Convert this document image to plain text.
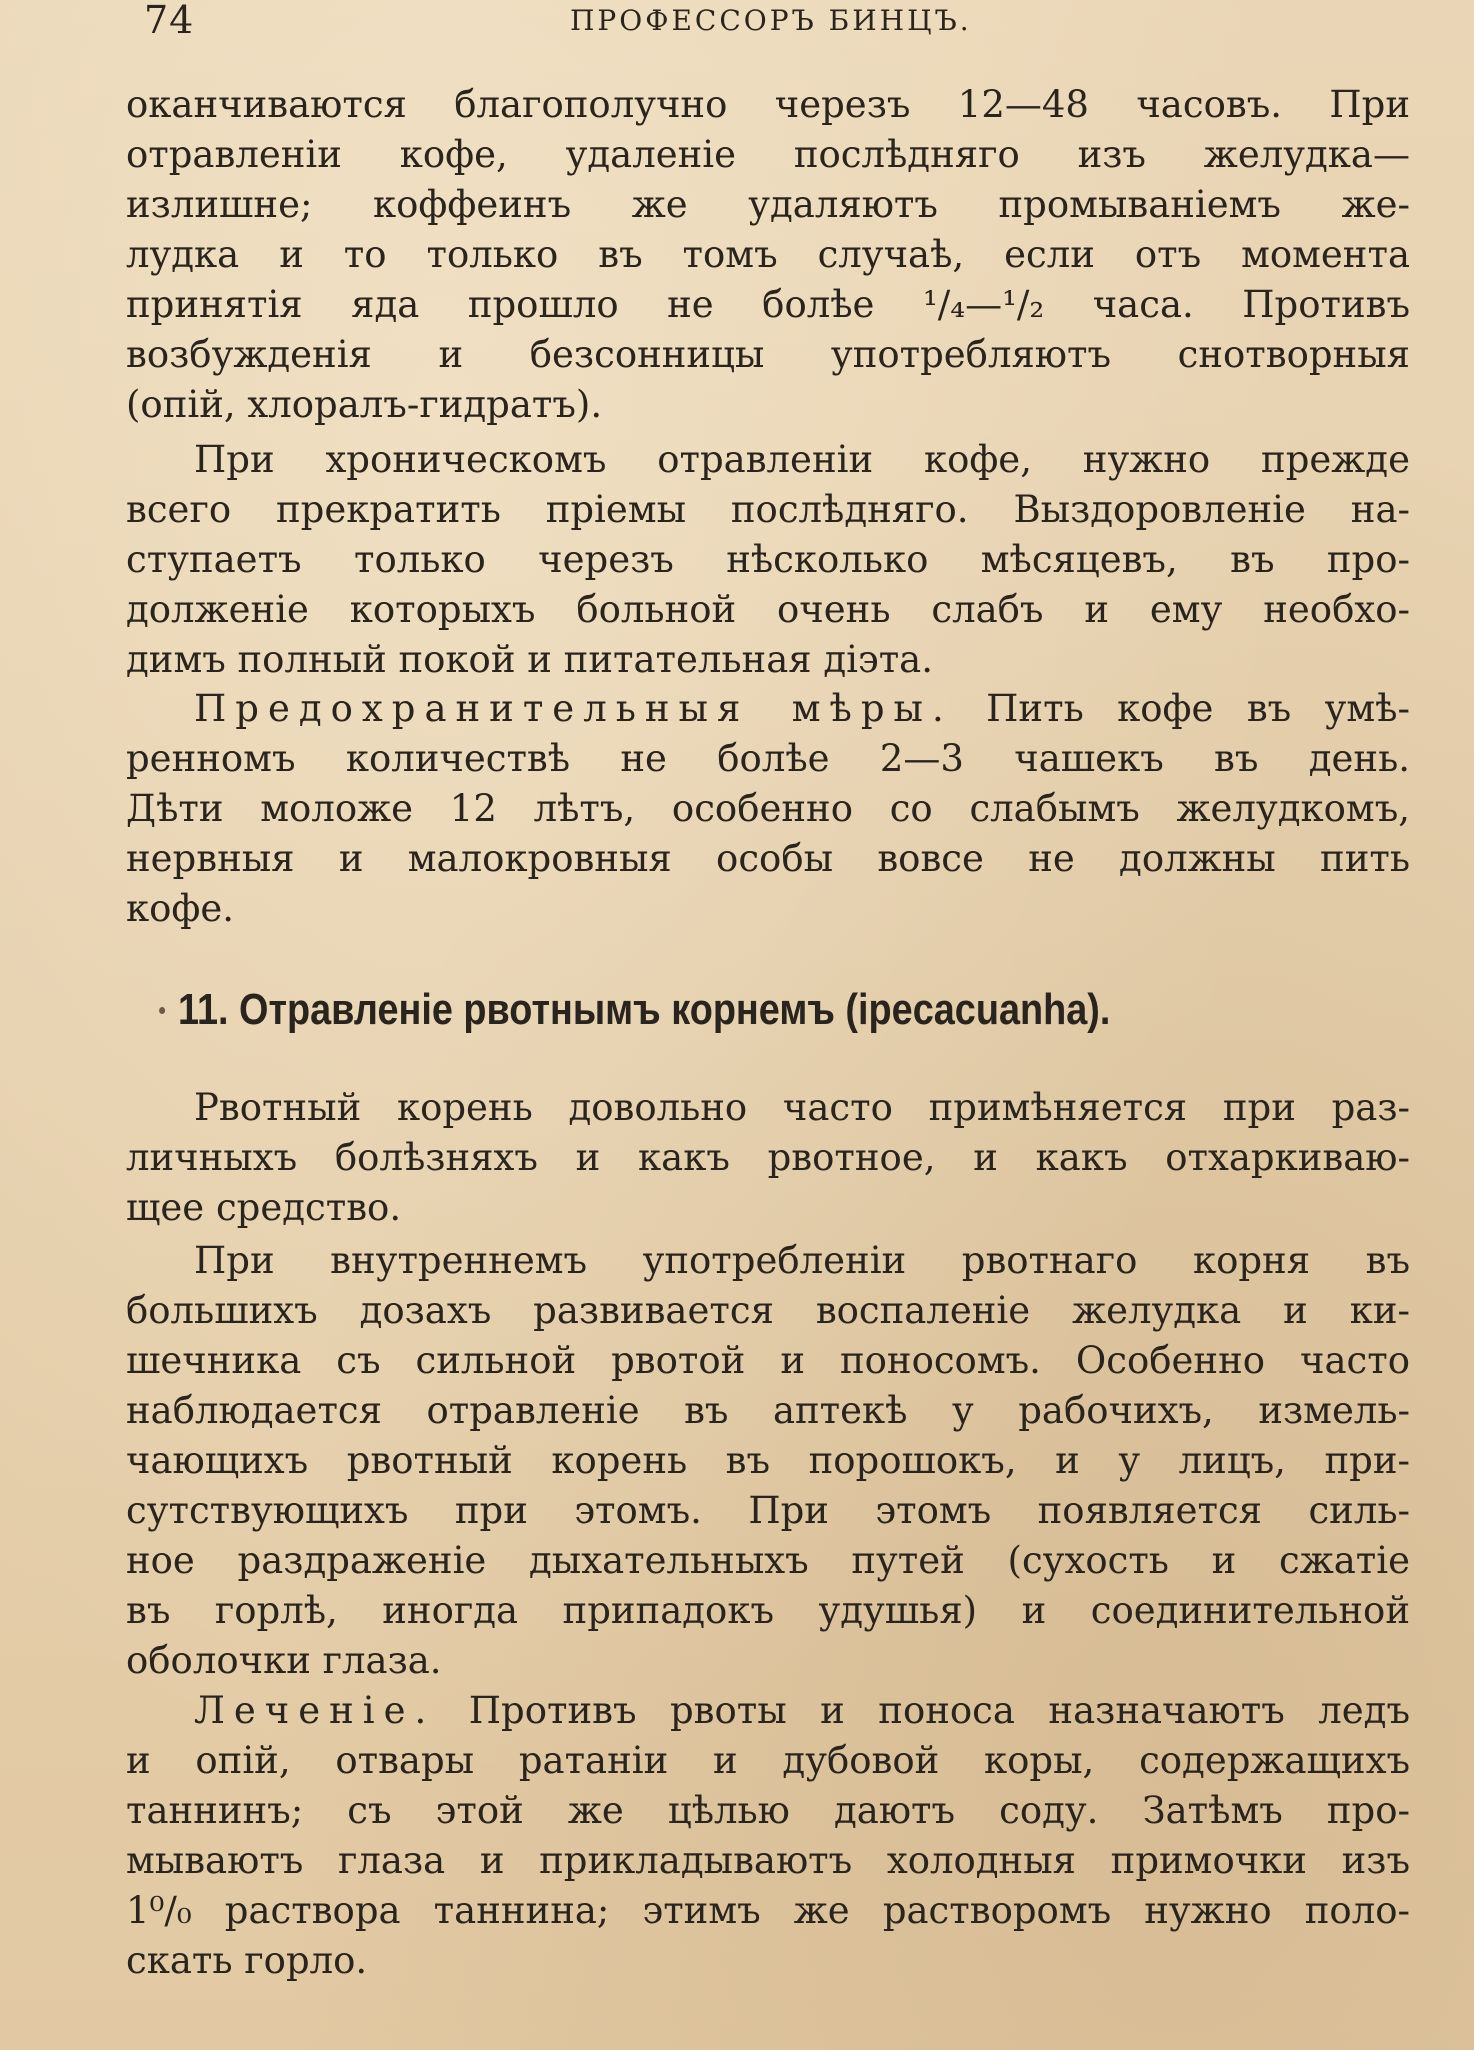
74	ПРОФЕССОРЪ БИНЦЪ.
оканчиваются благополучно черезъ 12—48 часовъ. При
отравленіи кофе, удаленіе послѣдняго изъ желудка—
излишне; коффеинъ же удаляютъ промываніемъ же-
лудка и то только въ томъ случаѣ, если отъ момента
принятія яда прошло не болѣе ¹/₄—¹/₂ часа. Противъ
возбужденія и безсонницы употребляютъ снотворныя
(опій, хлоралъ-гидратъ).
При хроническомъ отравленіи кофе, нужно прежде
всего прекратить пріемы послѣдняго. Выздоровленіе на-
ступаетъ только черезъ нѣсколько мѣсяцевъ, въ про-
долженіе которыхъ больной очень слабъ и ему необхо-
димъ полный покой и питательная діэта.
Предохранительныя мѣры. Пить кофе въ умѣ-
ренномъ количествѣ не болѣе 2—3 чашекъ въ день.
Дѣти моложе 12 лѣтъ, особенно со слабымъ желудкомъ,
нервныя и малокровныя особы вовсе не должны пить
кофе.
11. Отравленіе рвотнымъ корнемъ (ipecacuanha).
Рвотный корень довольно часто примѣняется при раз-
личныхъ болѣзняхъ и какъ рвотное, и какъ отхаркиваю-
щее средство.
При внутреннемъ употребленіи рвотнаго корня въ
большихъ дозахъ развивается воспаленіе желудка и ки-
шечника съ сильной рвотой и поносомъ. Особенно часто
наблюдается отравленіе въ аптекѣ у рабочихъ, измель-
чающихъ рвотный корень въ порошокъ, и у лицъ, при-
сутствующихъ при этомъ. При этомъ появляется силь-
ное раздраженіе дыхательныхъ путей (сухость и сжатіе
въ горлѣ, иногда припадокъ удушья) и соединительной
оболочки глаза.
Леченіе. Противъ рвоты и поноса назначаютъ ледъ
и опій, отвары ратаніи и дубовой коры, содержащихъ
таннинъ; съ этой же цѣлью даютъ соду. Затѣмъ про-
мываютъ глаза и прикладываютъ холодныя примочки изъ
1⁰/₀ раствора таннина; этимъ же растворомъ нужно поло-
скать горло.
